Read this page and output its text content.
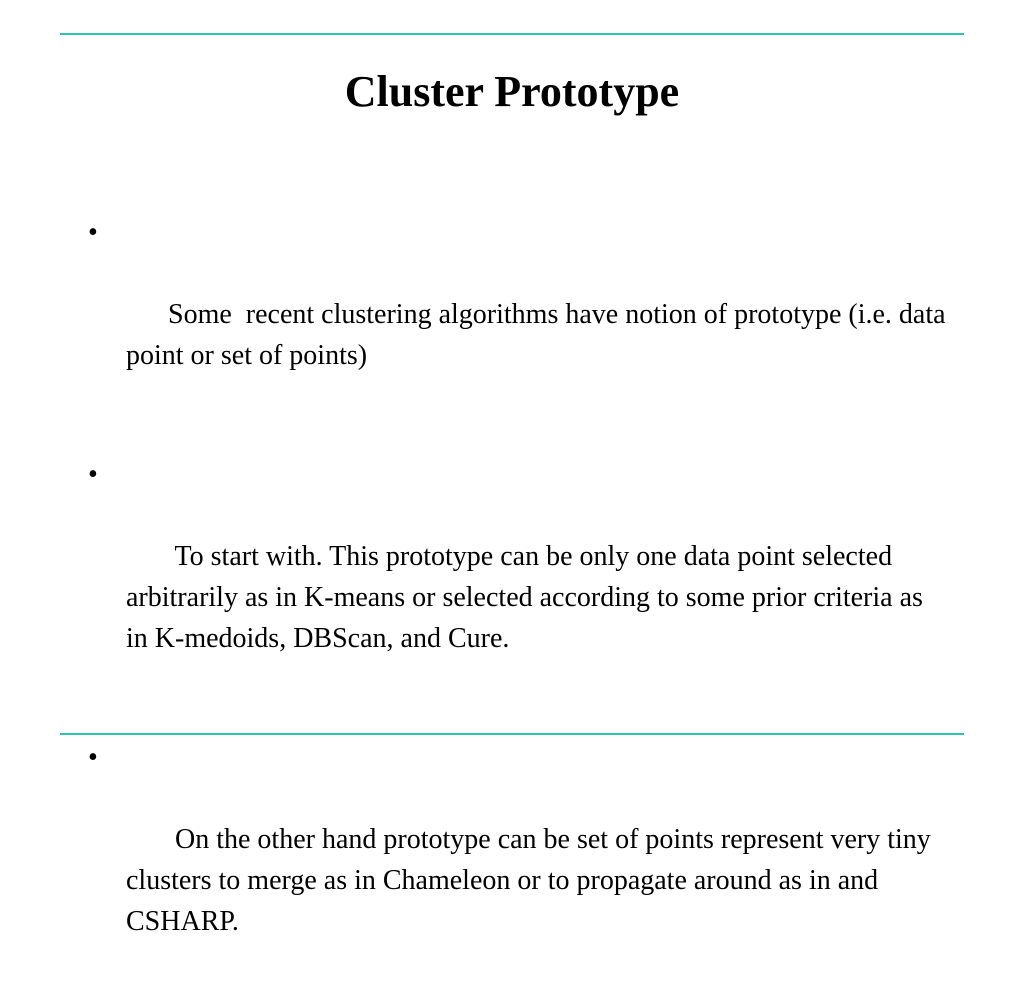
Cluster Prototype

•

Some  recent clustering algorithms have notion of prototype (i.e. data point or set of points)

•

To start with. This prototype can be only one data point selected arbitrarily as in K-means or selected according to some prior criteria as in K-medoids, DBScan, and Cure.

•

On the other hand prototype can be set of points represent very tiny clusters to merge as in Chameleon or to propagate around as in and CSHARP.
